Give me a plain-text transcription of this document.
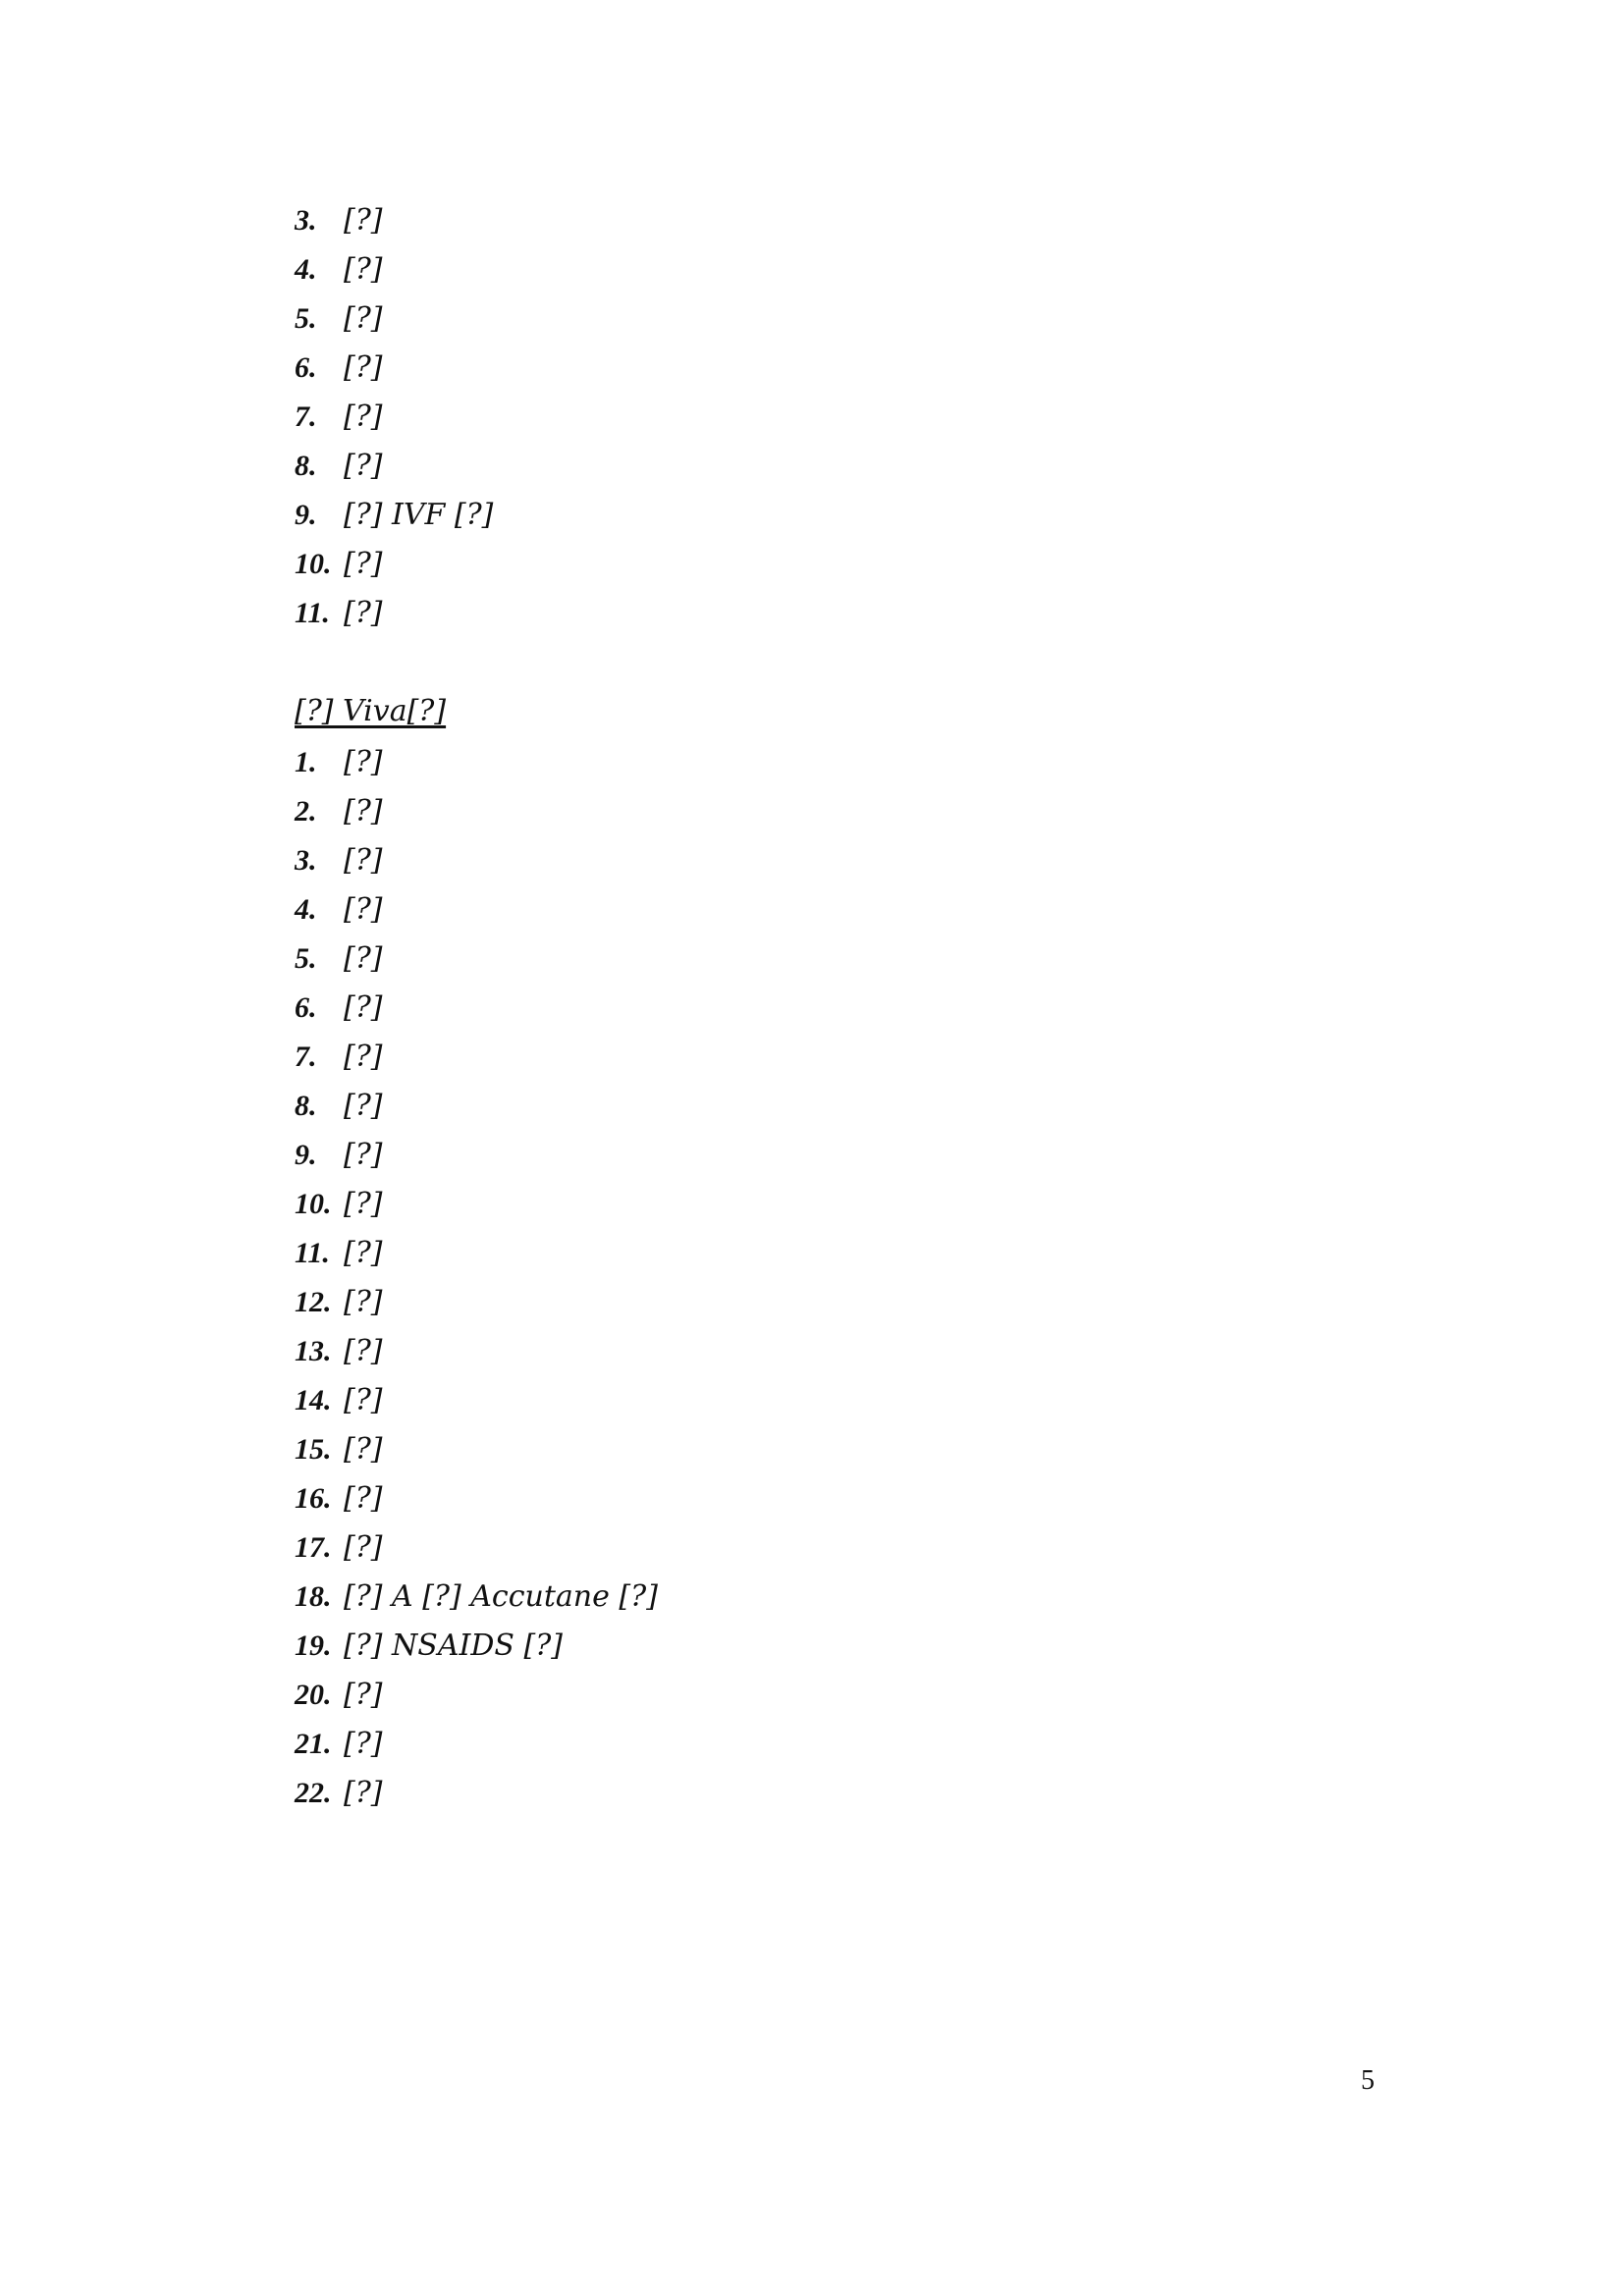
3. [?]
4. [?]
5. [?]
6. [?]
7. [?]
8. [?]
9. [?] IVF [?]
10. [?]
11. [?]
[?] Viva[?]
1. [?]
2. [?]
3. [?]
4. [?]
5. [?]
6. [?]
7. [?]
8. [?]
9. [?]
10. [?]
11. [?]
12. [?]
13. [?]
14. [?]
15. [?]
16. [?]
17. [?]
18. [?] A [?] Accutane [?]
19. [?] NSAIDS [?]
20. [?]
21. [?]
22. [?]
5
